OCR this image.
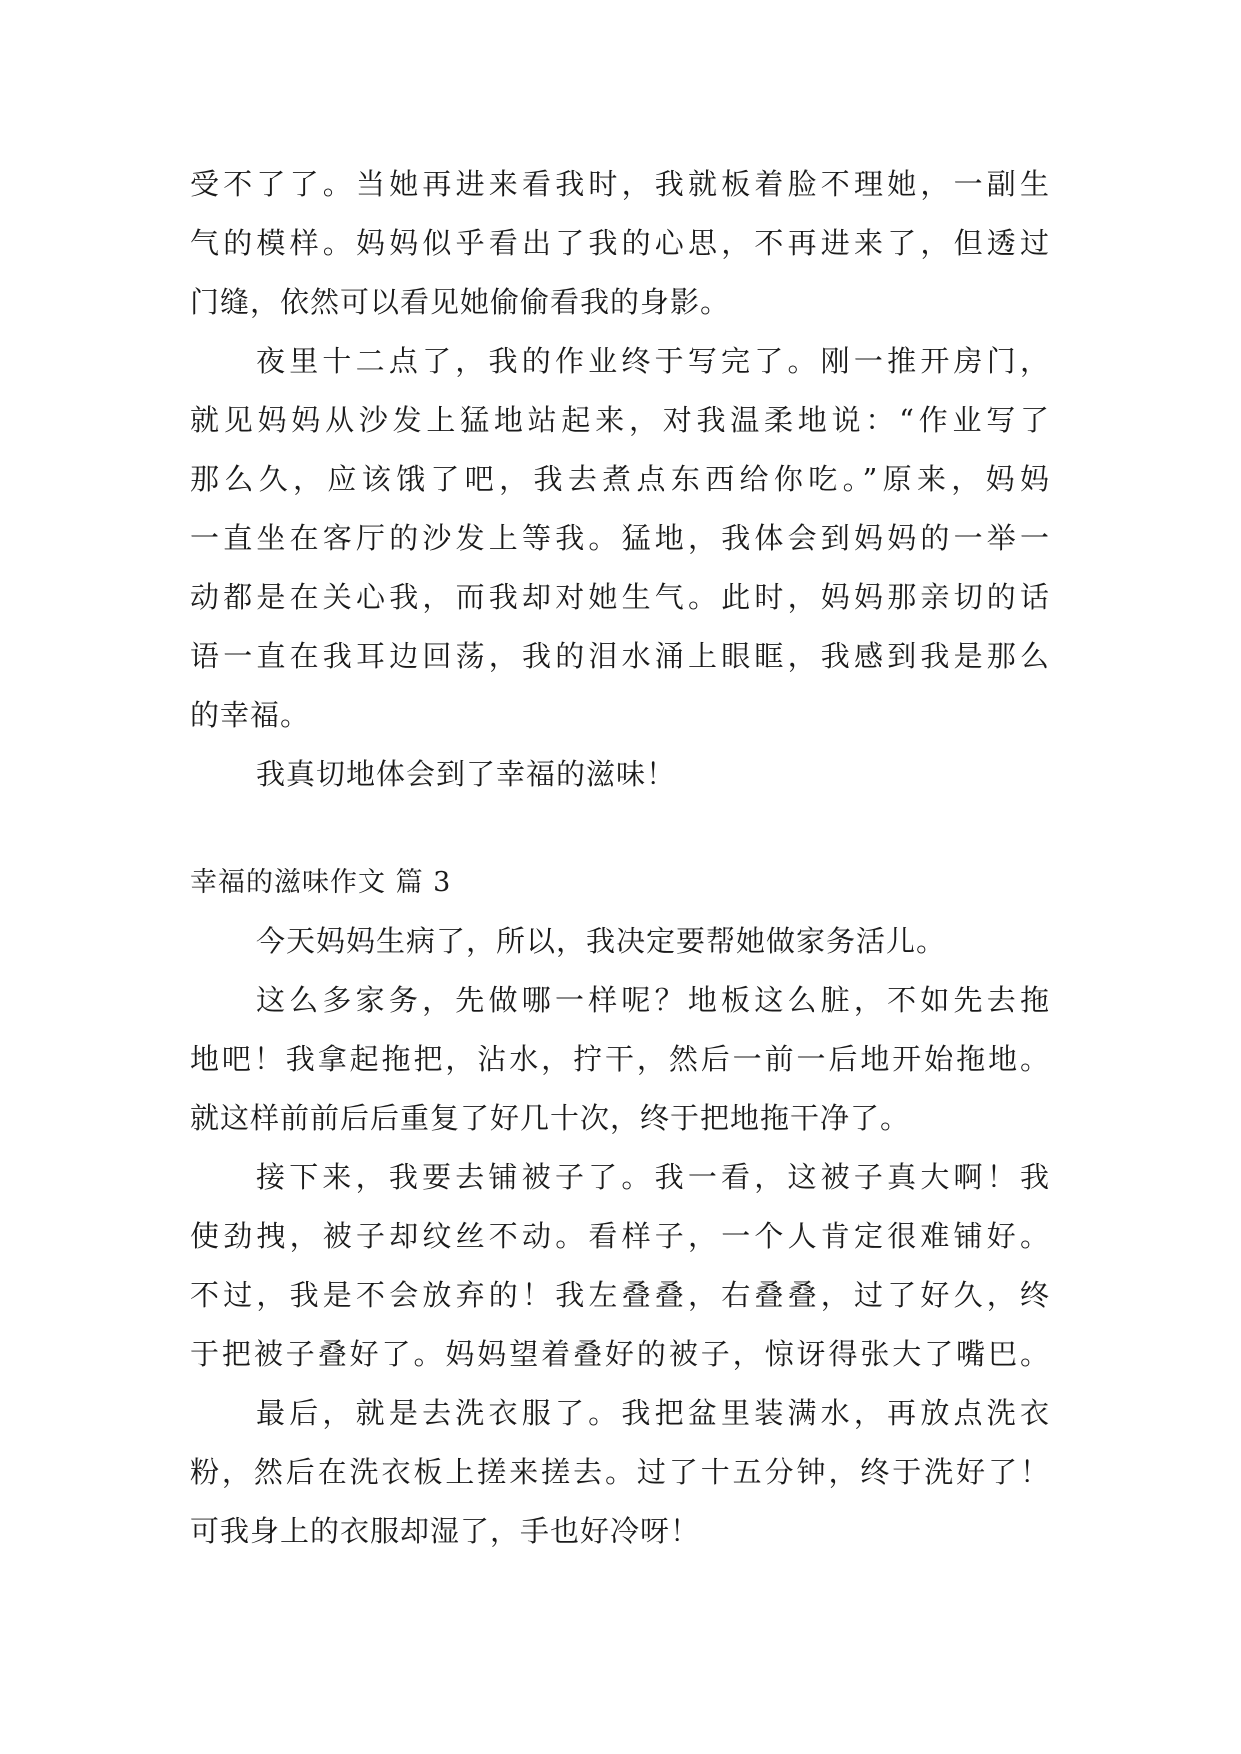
受不了了。当她再进来看我时，我就板着脸不理她，一副生
气的模样。妈妈似乎看出了我的心思，不再进来了，但透过
门缝，依然可以看见她偷偷看我的身影。
夜里十二点了，我的作业终于写完了。刚一推开房门，
就见妈妈从沙发上猛地站起来，对我温柔地说：“作业写了
那么久，应该饿了吧，我去煮点东西给你吃。”原来，妈妈
一直坐在客厅的沙发上等我。猛地，我体会到妈妈的一举一
动都是在关心我，而我却对她生气。此时，妈妈那亲切的话
语一直在我耳边回荡，我的泪水涌上眼眶，我感到我是那么
的幸福。
我真切地体会到了幸福的滋味！
幸福的滋味作文 篇 3
今天妈妈生病了，所以，我决定要帮她做家务活儿。
这么多家务，先做哪一样呢？地板这么脏，不如先去拖
地吧！我拿起拖把，沾水，拧干，然后一前一后地开始拖地。
就这样前前后后重复了好几十次，终于把地拖干净了。
接下来，我要去铺被子了。我一看，这被子真大啊！我
使劲拽，被子却纹丝不动。看样子，一个人肯定很难铺好。
不过，我是不会放弃的！我左叠叠，右叠叠，过了好久，终
于把被子叠好了。妈妈望着叠好的被子，惊讶得张大了嘴巴。
最后，就是去洗衣服了。我把盆里装满水，再放点洗衣
粉，然后在洗衣板上搓来搓去。过了十五分钟，终于洗好了！
可我身上的衣服却湿了，手也好冷呀！
